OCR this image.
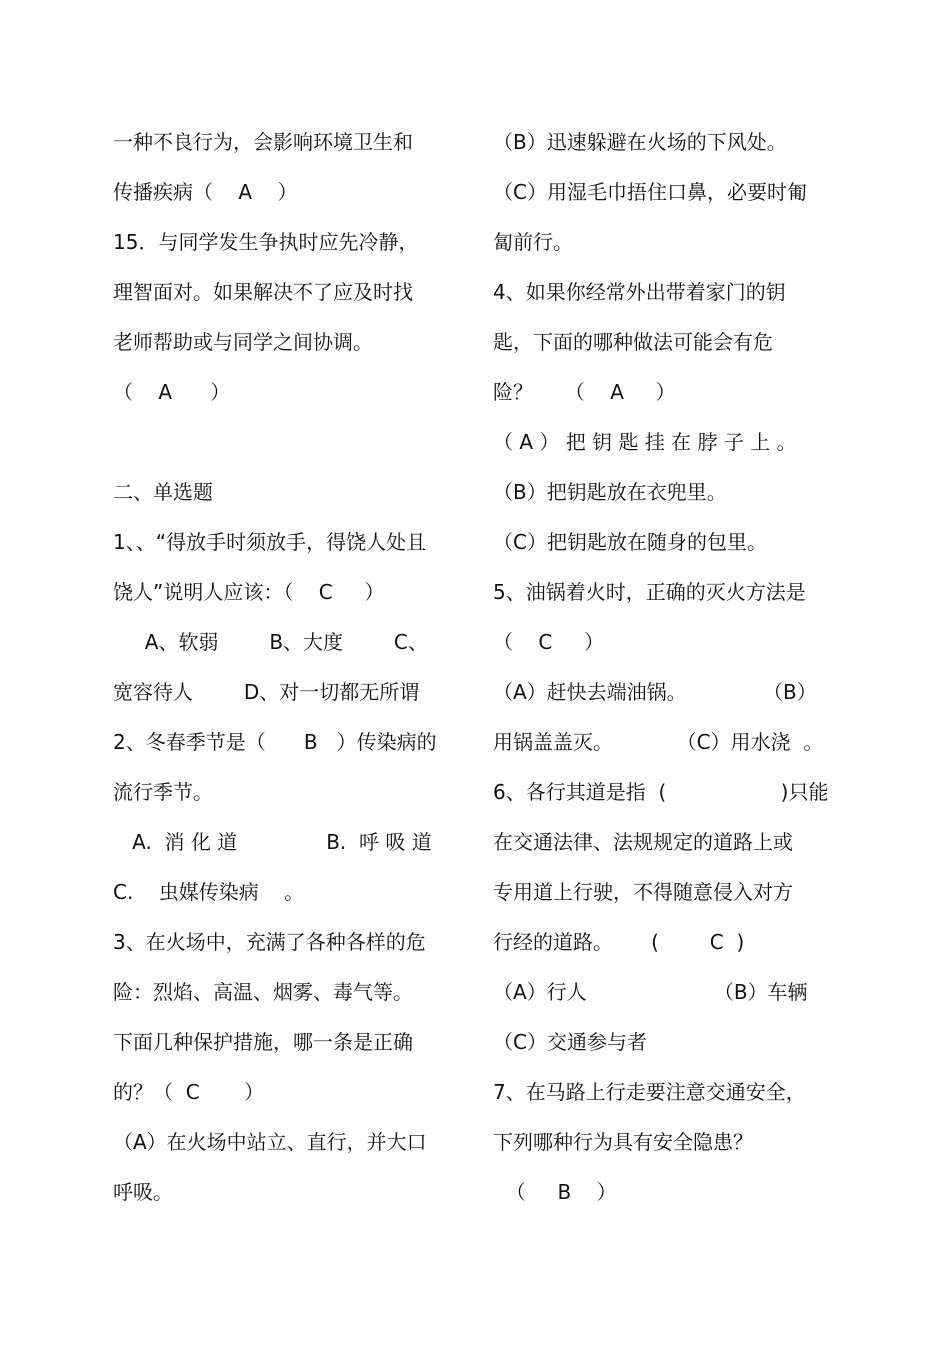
一种不良行为，会影响环境卫生和
传播疾病（    A    ）
15．与同学发生争执时应先冷静，
理智面对。如果解决不了应及时找
老师帮助或与同学之间协调。
（    A      ）
二、单选题
1、、“得放手时须放手，得饶人处且
饶人”说明人应该：（    C     ）
A、软弱        B、大度        C、
宽容待人        D、对一切都无所谓
2、冬春季节是（      B   ）传染病的
流行季节。
A.  消 化 道              B.  呼 吸 道
C.    虫媒传染病    。
3、在火场中，充满了各种各样的危
险：烈焰、高温、烟雾、毒气等。
下面几种保护措施，哪一条是正确
的？（  C       ）
（A）在火场中站立、直行，并大口
呼吸。
（B）迅速躲避在火场的下风处。
（C）用湿毛巾捂住口鼻，必要时匍
匐前行。
4、如果你经常外出带着家门的钥
匙，下面的哪种做法可能会有危
险？     （    A     ）
（ A ） 把 钥 匙 挂 在 脖 子 上 。
（B）把钥匙放在衣兜里。
（C）把钥匙放在随身的包里。
5、油锅着火时，正确的灭火方法是
（    C     ）
（A）赶快去端油锅。            （B）
用锅盖盖灭。          （C）用水浇  。
6、各行其道是指  (                  )只能
在交通法律、法规规定的道路上或
专用道上行驶，不得随意侵入对方
行经的道路。      (        C  )
（A）行人                    （B）车辆
（C）交通参与者
7、在马路上行走要注意交通安全，
下列哪种行为具有安全隐患？
（     B    ）
